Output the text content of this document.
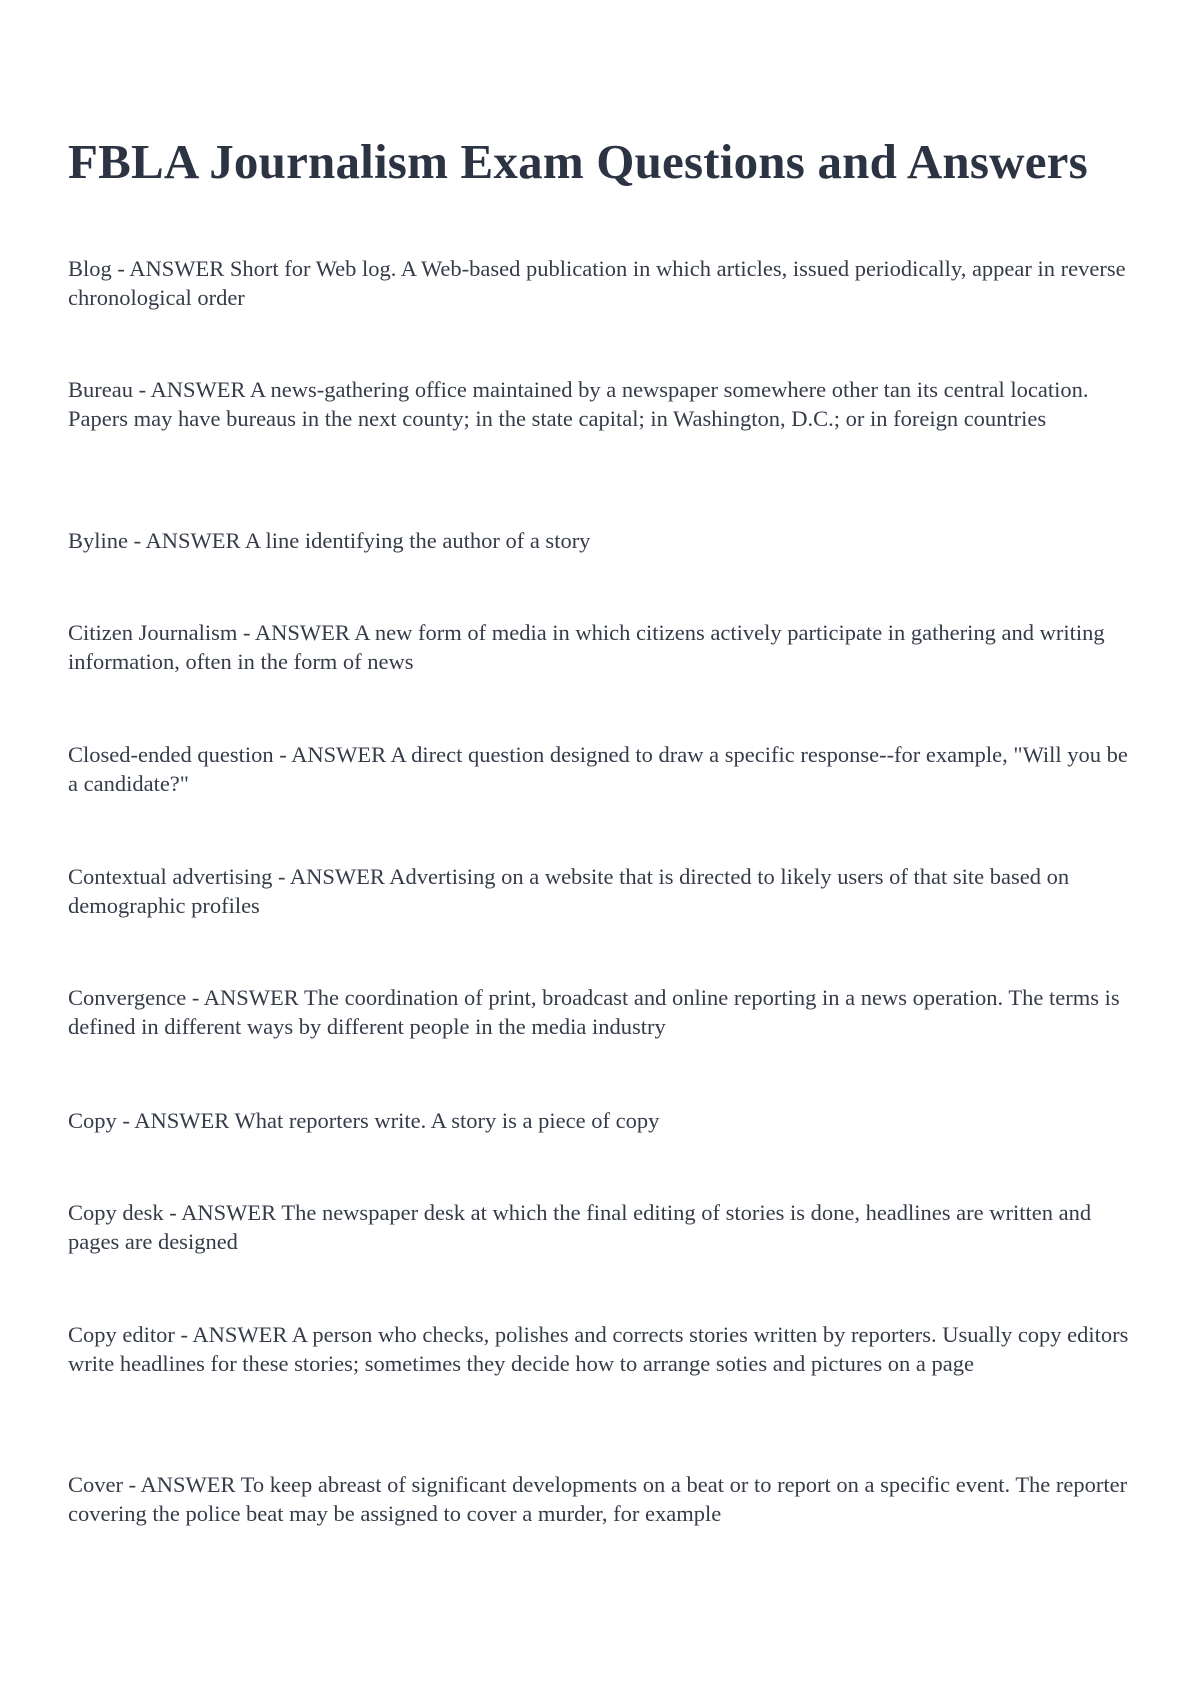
FBLA Journalism Exam Questions and Answers

Blog - ANSWER Short for Web log. A Web-based publication in which articles, issued periodically, appear in reverse chronological order

Bureau - ANSWER A news-gathering office maintained by a newspaper somewhere other tan its central location. Papers may have bureaus in the next county; in the state capital; in Washington, D.C.; or in foreign countries

Byline - ANSWER A line identifying the author of a story

Citizen Journalism - ANSWER A new form of media in which citizens actively participate in gathering and writing information, often in the form of news

Closed-ended question - ANSWER A direct question designed to draw a specific response--for example, "Will you be a candidate?"

Contextual advertising - ANSWER Advertising on a website that is directed to likely users of that site based on demographic profiles

Convergence - ANSWER The coordination of print, broadcast and online reporting in a news operation. The terms is defined in different ways by different people in the media industry

Copy - ANSWER What reporters write. A story is a piece of copy

Copy desk - ANSWER The newspaper desk at which the final editing of stories is done, headlines are written and pages are designed

Copy editor - ANSWER A person who checks, polishes and corrects stories written by reporters. Usually copy editors write headlines for these stories; sometimes they decide how to arrange soties and pictures on a page

Cover - ANSWER To keep abreast of significant developments on a beat or to report on a specific event. The reporter covering the police beat may be assigned to cover a murder, for example
